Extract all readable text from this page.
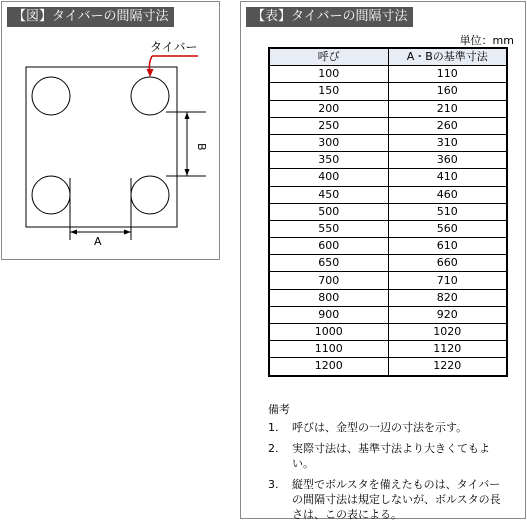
タイバー
A
B
【図】タイバーの間隔寸法	【表】タイバーの間隔寸法
単位：mm
呼び	A・Bの基準寸法
100	110
150	160
200	210
250	260
300	310
350	360
400	410
450	460
500	510
550	560
600	610
650	660
700	710
800	820
900	920
1000	1020
1100	1120
1200	1220
備考
1.	呼びは、金型の一辺の寸法を示す。
2.	実際寸法は、基準寸法より大きくてもよい。
3.	縦型でボルスタを備えたものは、タイバーの間隔寸法は規定しないが、ボルスタの長さは、この表による。
